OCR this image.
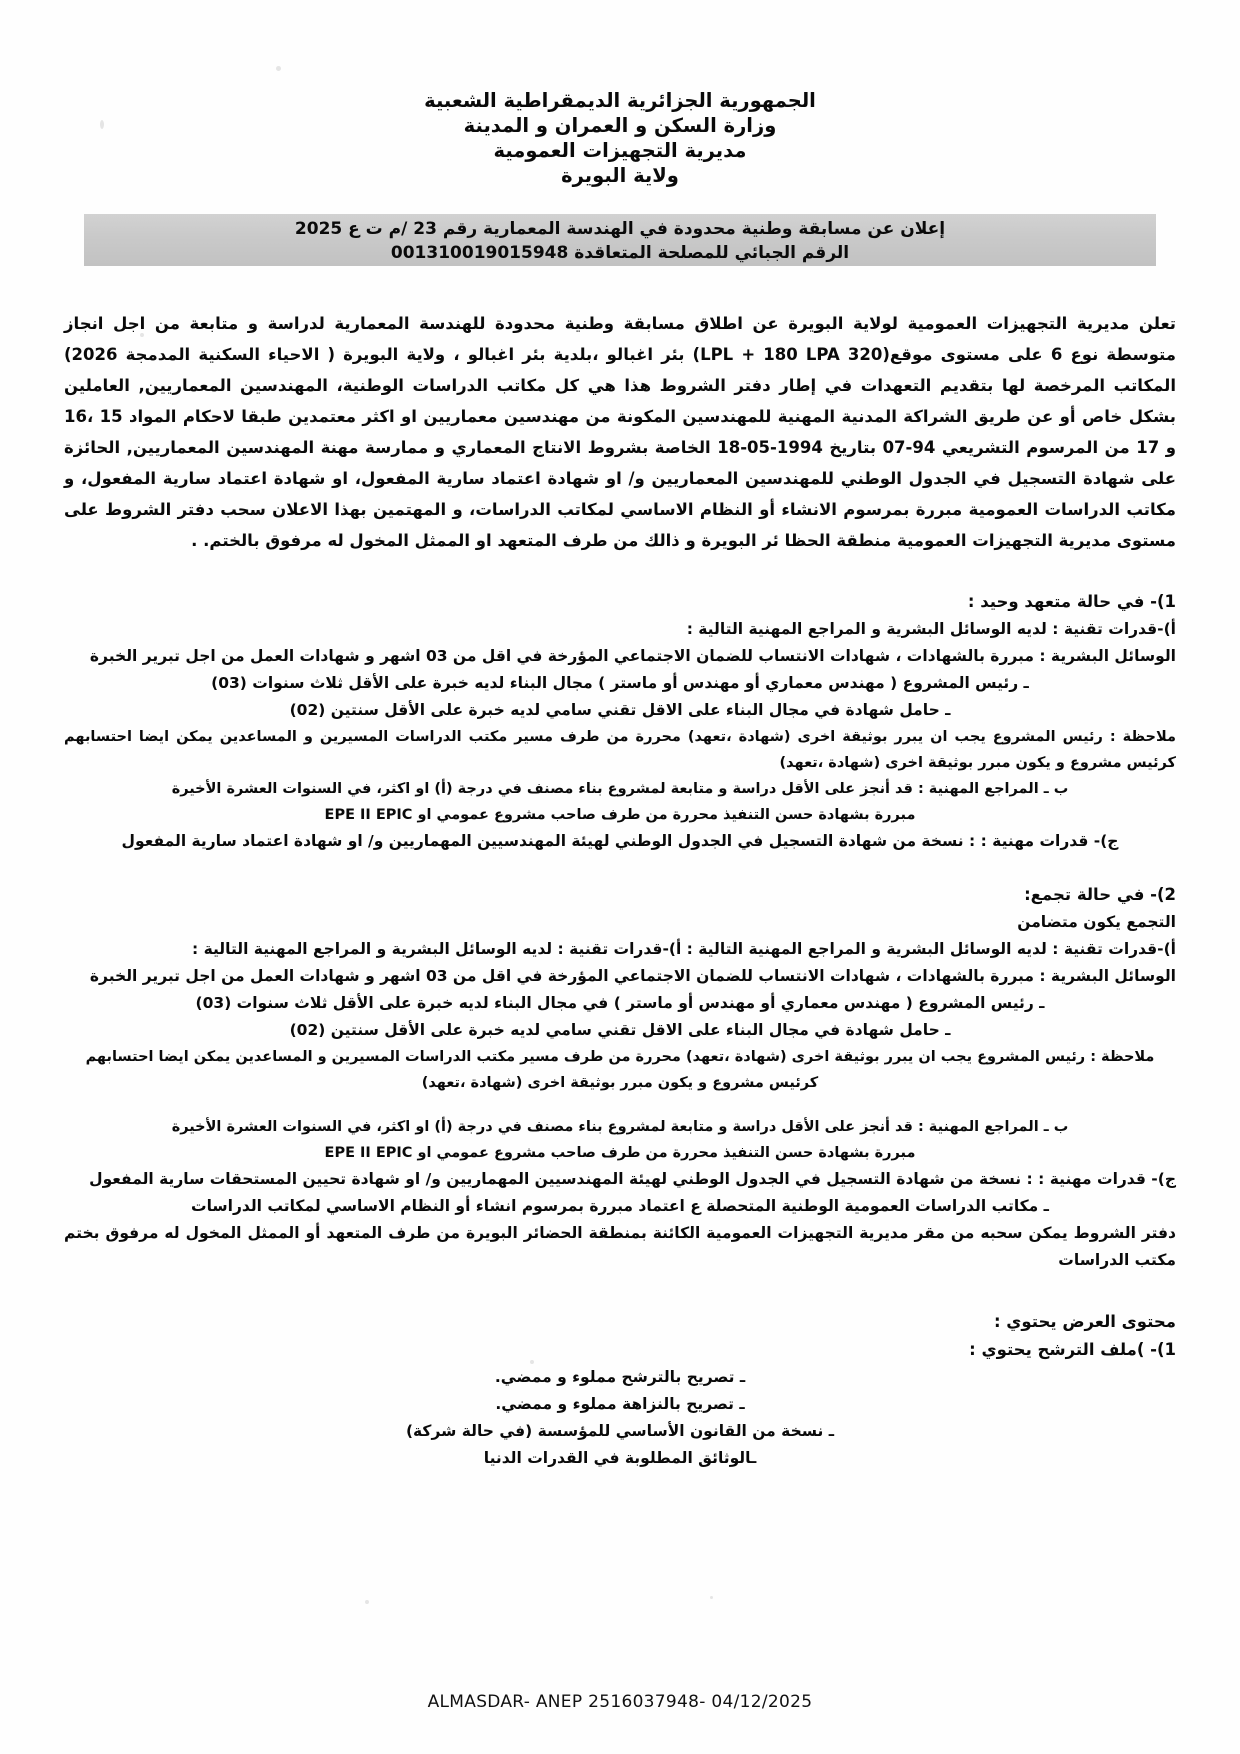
الجمهورية الجزائرية الديمقراطية الشعبية
وزارة السكن و العمران و المدينة
مديرية التجهيزات العمومية
ولاية البويرة
إعلان عن مسابقة وطنية محدودة في الهندسة المعمارية رقم 23 /م ت ع 2025
الرقم الجبائي للمصلحة المتعاقدة 001310019015948

تعلن مديرية التجهيزات العمومية لولاية البويرة عن اطلاق مسابقة وطنية محدودة للهندسة المعمارية لدراسة و متابعة من اجل انجاز متوسطة نوع 6 على مستوى موقع(320 LPL + 180 LPA) بئر اغبالو ،بلدية بئر اغبالو ، ولاية البويرة ( الاحياء السكنية المدمجة 2026) المكاتب المرخصة لها بتقديم التعهدات في إطار دفتر الشروط هذا هي كل مكاتب الدراسات الوطنية، المهندسين المعماريين, العاملين بشكل خاص أو عن طريق الشراكة المدنية المهنية للمهندسين المكونة من مهندسين معماريين او اكثر معتمدين طبقا لاحكام المواد 15 ،16 و 17 من المرسوم التشريعي 94-07 بتاريخ 1994-05-18 الخاصة بشروط الانتاج المعماري و ممارسة مهنة المهندسين المعماريين, الحائزة على شهادة التسجيل في الجدول الوطني للمهندسين المعماريين و/ او شهادة اعتماد سارية المفعول، او شهادة اعتماد سارية المفعول، و مكاتب الدراسات العمومية مبررة بمرسوم الانشاء أو النظام الاساسي لمكاتب الدراسات، و المهتمين بهذا الاعلان سحب دفتر الشروط على مستوى مديرية التجهيزات العمومية منطقة الحظا ئر البويرة و ذالك من طرف المتعهد او الممثل المخول له مرفوق بالختم. .

1)- في حالة متعهد وحيد :

أ)-قدرات تقنية : لديه الوسائل البشرية و المراجع المهنية التالية :

الوسائل البشرية : مبررة بالشهادات ، شهادات الانتساب للضمان الاجتماعي المؤرخة في اقل من 03 اشهر و شهادات العمل من اجل تبرير الخبرة

ـ رئيس المشروع ( مهندس معماري أو مهندس أو ماستر ) مجال البناء لديه خبرة على الأقل ثلاث سنوات (03)

ـ حامل شهادة في مجال البناء على الاقل تقني سامي لديه خبرة على الأقل سنتين (02)

ملاحظة : رئيس المشروع يجب ان يبرر بوثيقة اخرى (شهادة ،تعهد) محررة من طرف مسير مكتب الدراسات المسيرين و المساعدين يمكن ايضا احتسابهم كرئيس مشروع و يكون مبرر بوثيقة اخرى (شهادة ،تعهد)

ب ـ المراجع المهنية : قد أنجز على الأقل دراسة و متابعة لمشروع بناء مصنف في درجة (أ) او اكثر، في السنوات العشرة الأخيرة

مبررة بشهادة حسن التنفيذ محررة من طرف صاحب مشروع عمومي او EPE ⅠⅠ EPIC

ج)- قدرات مهنية : : نسخة من شهادة التسجيل في الجدول الوطني لهيئة المهندسيين المهماريين و/ او شهادة اعتماد سارية المفعول

2)- في حالة تجمع:

التجمع يكون متضامن

أ)-قدرات تقنية : لديه الوسائل البشرية و المراجع المهنية التالية : أ)-قدرات تقنية : لديه الوسائل البشرية و المراجع المهنية التالية :

الوسائل البشرية : مبررة بالشهادات ، شهادات الانتساب للضمان الاجتماعي المؤرخة في اقل من 03 اشهر و شهادات العمل من اجل تبرير الخبرة

ـ رئيس المشروع ( مهندس معماري أو مهندس أو ماستر ) في مجال البناء لديه خبرة على الأقل ثلاث سنوات (03)

ـ حامل شهادة في مجال البناء على الاقل تقني سامي لديه خبرة على الأقل سنتين (02)

ملاحظة : رئيس المشروع يجب ان يبرر بوثيقة اخرى (شهادة ،تعهد) محررة من طرف مسير مكتب الدراسات المسيرين و المساعدين يمكن ايضا احتسابهم كرئيس مشروع و يكون مبرر بوثيقة اخرى (شهادة ،تعهد)

ب ـ المراجع المهنية : قد أنجز على الأقل دراسة و متابعة لمشروع بناء مصنف في درجة (أ) او اكثر، في السنوات العشرة الأخيرة

مبررة بشهادة حسن التنفيذ محررة من طرف صاحب مشروع عمومي او EPE ⅠⅠ EPIC

ج)- قدرات مهنية : : نسخة من شهادة التسجيل في الجدول الوطني لهيئة المهندسيين المهماريين و/ او شهادة تحيين المستحقات سارية المفعول

ـ مكاتب الدراسات العمومية الوطنية المتحصلة ع اعتماد مبررة بمرسوم انشاء أو النظام الاساسي لمكاتب الدراسات

دفتر الشروط يمكن سحبه من مقر مديرية التجهيزات العمومية الكائنة بمنطقة الحضائر البويرة من طرف المتعهد أو الممثل المخول له مرفوق بختم مكتب الدراسات

محتوى العرض يحتوي :

1)- )ملف الترشح يحتوي :

ـ تصريح بالترشح مملوء و ممضي.

ـ تصريح بالنزاهة مملوء و ممضي.

ـ نسخة من القانون الأساسي للمؤسسة (في حالة شركة)

ـالوثائق المطلوبة في القدرات الدنيا

ALMASDAR- ANEP 2516037948- 04/12/2025
